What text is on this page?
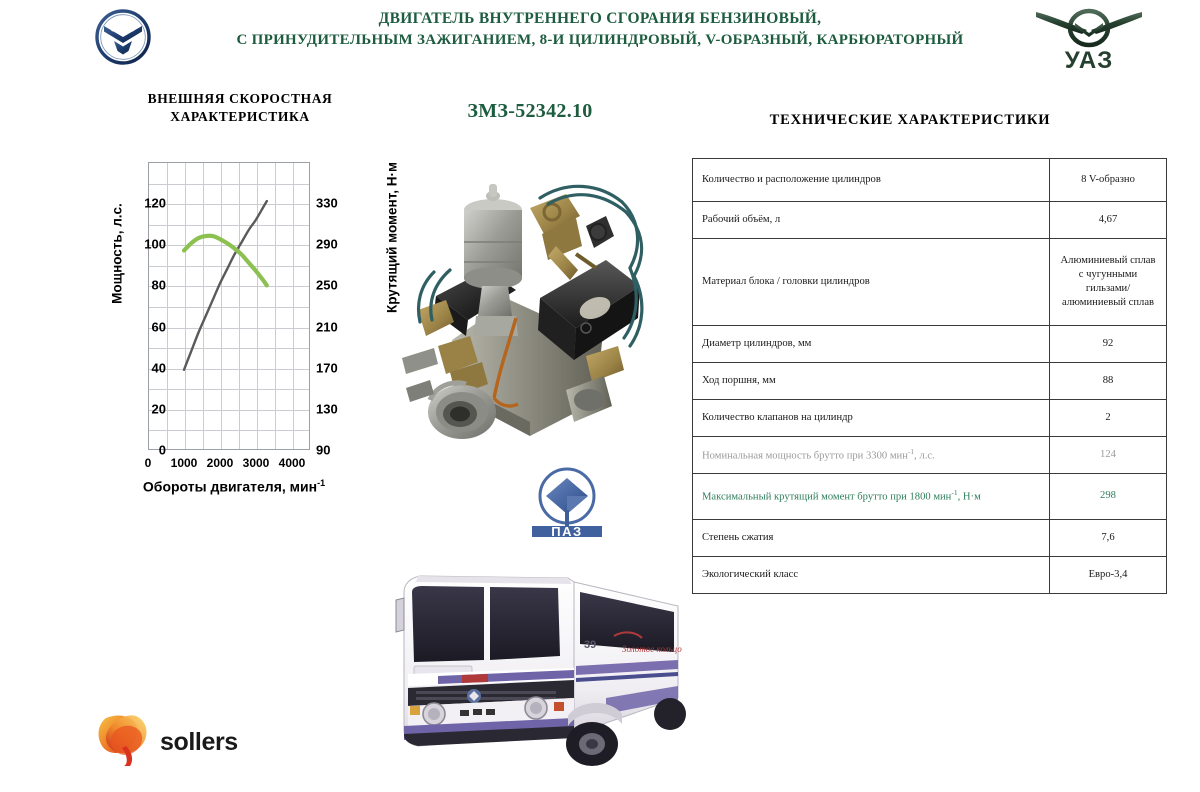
ЗМЗ
ДВИГАТЕЛЬ ВНУТРЕННЕГО СГОРАНИЯ БЕНЗИНОВЫЙ,
С ПРИНУДИТЕЛЬНЫМ ЗАЖИГАНИЕМ, 8-И ЦИЛИНДРОВЫЙ, V-ОБРАЗНЫЙ, КАРБЮРАТОРНЫЙ
УАЗ
ВНЕШНЯЯ СКОРОСТНАЯ
ХАРАКТЕРИСТИКА	ЗМЗ-52342.10
0
20
40
60
80
100
120
90
130
170
210
250
290
330
0	1000 2000 3000 4000
Мощность, л.с.	Крутящий момент, Н·м
Обороты двигателя, мин$^{-1}$
ТЕХНИЧЕСКИЕ ХАРАКТЕРИСТИКИ
Количество и расположение цилиндров	8 V-образно
Рабочий объём, л	4,67
Материал блока / головки цилиндров	Алюминиевый сплав с чугунными гильзами/ алюминиевый сплав
Диаметр цилиндров, мм	92
Ход поршня, мм	88
Количество клапанов на цилиндр	2
Номинальная мощность брутто при 3300 мин$^{-1}$, л.с.	124
Максимальный крутящий момент брутто при 1800 мин$^{-1}$, Н·м	298
Степень сжатия	7,6
Экологический класс	Евро-3,4
ПАЗ
Золотое кольцо
39
sollers
